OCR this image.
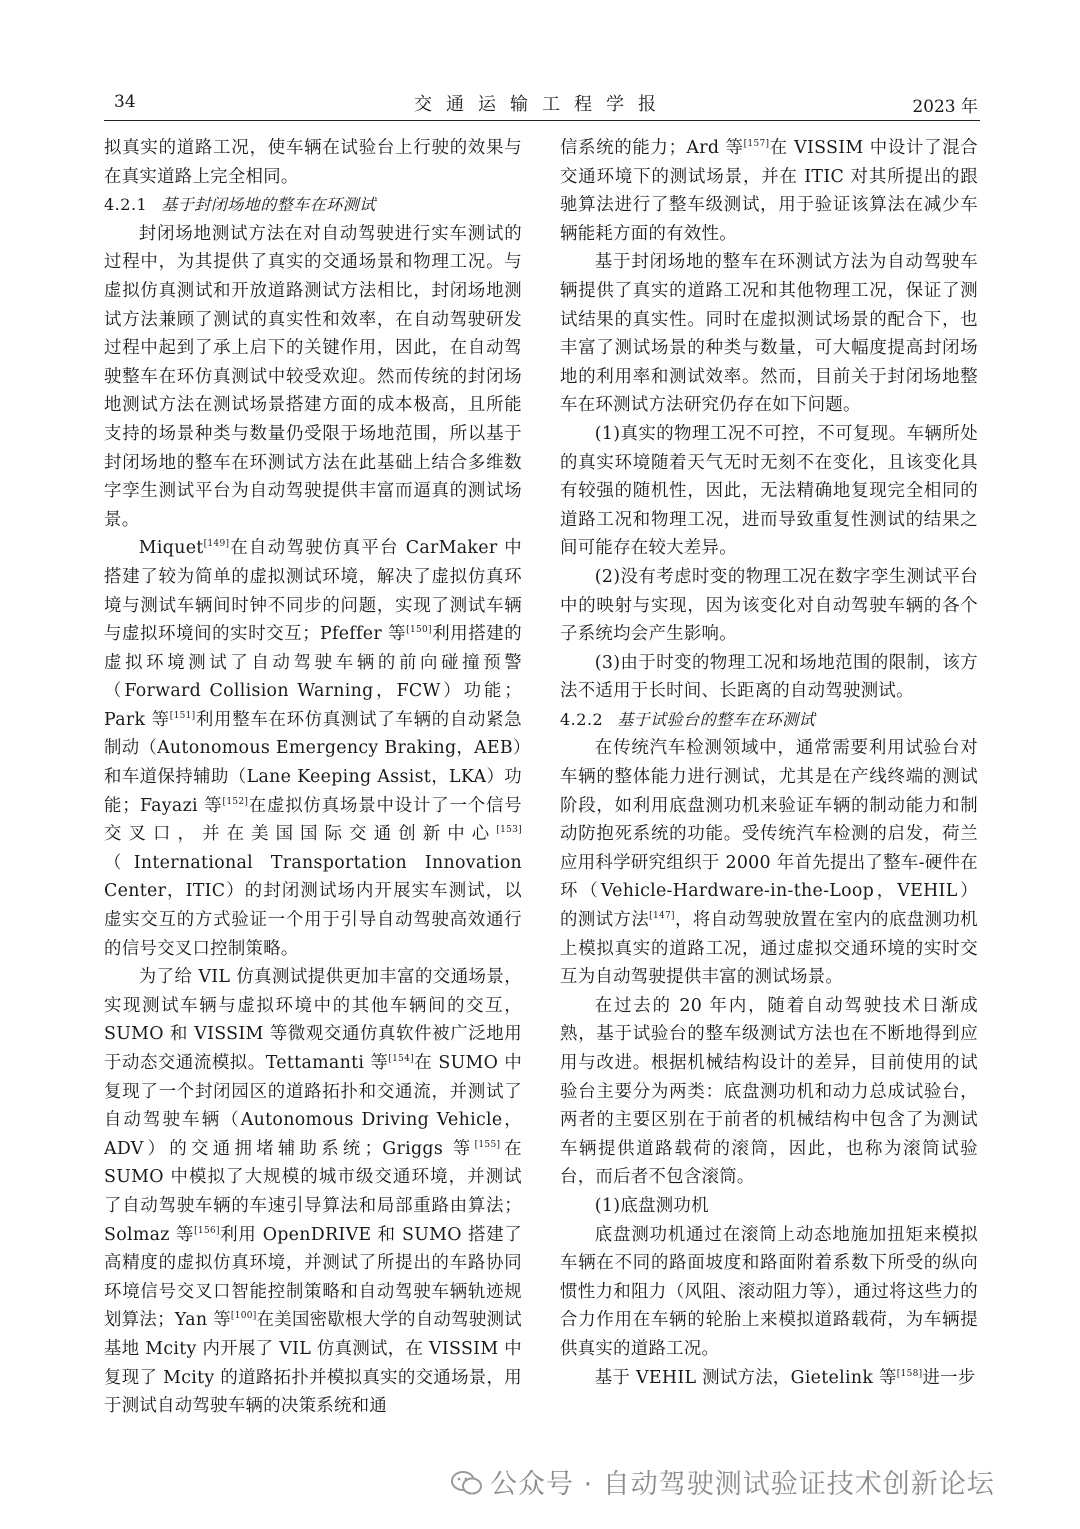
34	交通运输工程学报	2023 年

拟真实的道路工况，使车辆在试验台上行驶的效果与在真实道路上完全相同。

4.2.1 基于封闭场地的整车在环测试

封闭场地测试方法在对自动驾驶进行实车测试的过程中，为其提供了真实的交通场景和物理工况。与虚拟仿真测试和开放道路测试方法相比，封闭场地测试方法兼顾了测试的真实性和效率，在自动驾驶研发过程中起到了承上启下的关键作用，因此，在自动驾驶整车在环仿真测试中较受欢迎。然而传统的封闭场地测试方法在测试场景搭建方面的成本极高，且所能支持的场景种类与数量仍受限于场地范围，所以基于封闭场地的整车在环测试方法在此基础上结合多维数字孪生测试平台为自动驾驶提供丰富而逼真的测试场景。

Miquet[149]在自动驾驶仿真平台 CarMaker 中搭建了较为简单的虚拟测试环境，解决了虚拟仿真环境与测试车辆间时钟不同步的问题，实现了测试车辆与虚拟环境间的实时交互；Pfeffer 等[150]利用搭建的虚拟环境测试了自动驾驶车辆的前向碰撞预警（Forward Collision Warning，FCW）功能；Park 等[151]利用整车在环仿真测试了车辆的自动紧急制动（Autonomous Emergency Braking，AEB）和车道保持辅助（Lane Keeping Assist，LKA）功能；Fayazi 等[152]在虚拟仿真场景中设计了一个信号交叉口，并在美国国际交通创新中心[153]（International Transportation Innovation Center，ITIC）的封闭测试场内开展实车测试，以虚实交互的方式验证一个用于引导自动驾驶高效通行的信号交叉口控制策略。

为了给 VIL 仿真测试提供更加丰富的交通场景，实现测试车辆与虚拟环境中的其他车辆间的交互，SUMO 和 VISSIM 等微观交通仿真软件被广泛地用于动态交通流模拟。Tettamanti 等[154]在 SUMO 中复现了一个封闭园区的道路拓扑和交通流，并测试了自动驾驶车辆（Autonomous Driving Vehicle，ADV）的交通拥堵辅助系统；Griggs 等[155]在 SUMO 中模拟了大规模的城市级交通环境，并测试了自动驾驶车辆的车速引导算法和局部重路由算法；Solmaz 等[156]利用 OpenDRIVE 和 SUMO 搭建了高精度的虚拟仿真环境，并测试了所提出的车路协同环境信号交叉口智能控制策略和自动驾驶车辆轨迹规划算法；Yan 等[100]在美国密歇根大学的自动驾驶测试基地 Mcity 内开展了 VIL 仿真测试，在 VISSIM 中复现了 Mcity 的道路拓扑并模拟真实的交通场景，用于测试自动驾驶车辆的决策系统和通

信系统的能力；Ard 等[157]在 VISSIM 中设计了混合交通环境下的测试场景，并在 ITIC 对其所提出的跟驰算法进行了整车级测试，用于验证该算法在减少车辆能耗方面的有效性。

基于封闭场地的整车在环测试方法为自动驾驶车辆提供了真实的道路工况和其他物理工况，保证了测试结果的真实性。同时在虚拟测试场景的配合下，也丰富了测试场景的种类与数量，可大幅度提高封闭场地的利用率和测试效率。然而，目前关于封闭场地整车在环测试方法研究仍存在如下问题。

(1)真实的物理工况不可控，不可复现。车辆所处的真实环境随着天气无时无刻不在变化，且该变化具有较强的随机性，因此，无法精确地复现完全相同的道路工况和物理工况，进而导致重复性测试的结果之间可能存在较大差异。

(2)没有考虑时变的物理工况在数字孪生测试平台中的映射与实现，因为该变化对自动驾驶车辆的各个子系统均会产生影响。

(3)由于时变的物理工况和场地范围的限制，该方法不适用于长时间、长距离的自动驾驶测试。

4.2.2 基于试验台的整车在环测试

在传统汽车检测领域中，通常需要利用试验台对车辆的整体能力进行测试，尤其是在产线终端的测试阶段，如利用底盘测功机来验证车辆的制动能力和制动防抱死系统的功能。受传统汽车检测的启发，荷兰应用科学研究组织于 2000 年首先提出了整车-硬件在环（Vehicle-Hardware-in-the-Loop，VEHIL）的测试方法[147]，将自动驾驶放置在室内的底盘测功机上模拟真实的道路工况，通过虚拟交通环境的实时交互为自动驾驶提供丰富的测试场景。

在过去的 20 年内，随着自动驾驶技术日渐成熟，基于试验台的整车级测试方法也在不断地得到应用与改进。根据机械结构设计的差异，目前使用的试验台主要分为两类：底盘测功机和动力总成试验台，两者的主要区别在于前者的机械结构中包含了为测试车辆提供道路载荷的滚筒，因此，也称为滚筒试验台，而后者不包含滚筒。

(1)底盘测功机

底盘测功机通过在滚筒上动态地施加扭矩来模拟车辆在不同的路面坡度和路面附着系数下所受的纵向惯性力和阻力（风阻、滚动阻力等），通过将这些力的合力作用在车辆的轮胎上来模拟道路载荷，为车辆提供真实的道路工况。

基于 VEHIL 测试方法，Gietelink 等[158]进一步

公众号 · 自动驾驶测试验证技术创新论坛
